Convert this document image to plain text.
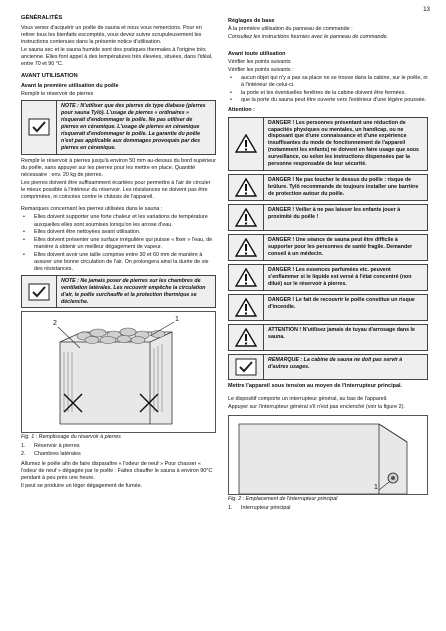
13
GÉNÉRALITÉS

Vous venez d'acquérir un poêle de sauna et nous vous remercions. Pour en retirer tous les bienfaits escomptés, vous devez suivre scrupuleusement les instructions contenues dans la présente notice d'utilisation.

Le sauna sec et le sauna humide sont des pratiques thermales à l'origine très ancienne. Elles font appel à des températures très élevées, situées, dans l'idéal, entre 70 et 90 °C.

AVANT UTILISATION
Avant la première utilisation du poêle

Remplir le réservoir de pierres

NOTE : N'utiliser que des pierres de type diabase (pierres pour sauna Tylö). L'usage de pierres « ordinaires » risquerait d'endommager le poêle. Ne pas utiliser de pierres en céramique. L'usage de pierres en céramique risquerait d'endommager le poêle. La garantie du poêle n'est pas applicable aux dommages provoqués par des pierres en céramique.

Remplir le réservoir à pierres jusqu'à environ 50 mm au-dessus du bord supérieur du poêle, sans appuyer sur les pierres pour les mettre en place. Quantité nécessaire : env. 20 kg de pierres.

Les pierres doivent être suffisamment écartées pour permettre à l'air de circuler le mieux possible à l'intérieur du réservoir. Les résistances ne doivent pas être comprimées, ni coincées contre le châssis de l'appareil.

Remarques concernant les pierres utilisées dans le sauna :

• Elles doivent supporter une forte chaleur et les variations de température auxquelles elles sont soumises lorsqu'on les arrose d'eau.
• Elles doivent être nettoyées avant utilisation.
• Elles doivent présenter une surface irrégulière qui puisse « fixer » l'eau, de manière à obtenir un meilleur dégagement de vapeur.
• Elles doivent avoir une taille comprise entre 30 et 60 mm de manière à assurer une bonne circulation de l'air. On prolongera ainsi la durée de vie des résistances.
NOTE : Ne jamais poser de pierres sur les chambres de ventilation latérales. Les recouvrir empêche la circulation d'air, le poêle surchauffe et la protection thermique se déclenche.
2
1
Fig. 1 : Remplissage du réservoir à pierres
1.	Réservoir à pierres
2.	Chambres latérales

Allumez le poêle afin de faire disparaître « l'odeur de neuf » Pour chasser « l'odeur de neuf » dégagée par le poêle : Faites chauffer le sauna à environ 90°C pendant à peu près une heure.

Il peut se produire un léger dégagement de fumée.

Réglages de base

À la première utilisation du panneau de commande :

Consultez les instructions fournies avec le panneau de commande.

Avant toute utilisation

Vérifier les points suivants

Vérifier les points suivants :

• aucun objet qui n'y a pas sa place ne se trouve dans la cabine, sur le poêle, ni à l'intérieur de celui-ci.
• la porte et les éventuelles fenêtres de la cabine doivent être fermées.
• que la porte du sauna peut être ouverte vers l'extérieur d'une légère poussée.

Attention :

DANGER ! Les personnes présentant une réduction de capacités physiques ou mentales, un handicap, ou ne disposant que d'une connaissance et d'une expérience insuffisantes du mode de fonctionnement de l'appareil (notamment les enfants) ne doivent en faire usage que sous surveillance, ou selon les instructions dispensées par la personne responsable de leur sécurité.
DANGER ! Ne pas toucher le dessus du poêle : risque de brûlure. Tylö recommande de toujours installer une barrière de protection autour du poêle.
DANGER ! Veiller à ne pas laisser les enfants jouer à proximité du poêle !
DANGER ! Une séance de sauna peut être difficile à supporter pour les personnes de santé fragile. Demander conseil à un médecin.
DANGER ! Les essences parfumées etc. peuvent s'enflammer si le liquide est versé à l'état concentré (non dilué) sur le réservoir à pierres.
DANGER ! Le fait de recouvrir le poêle constitue un risque d'incendie.
ATTENTION ! N'utilisez jamais de tuyau d'arrosage dans le sauna.
REMARQUE : La cabine de sauna ne doit pas servir à d'autres usages.
Mettre l'appareil sous tension au moyen de l'interrupteur principal.

Le dispositif comporte un interrupteur général, au bas de l'appareil.

Appuyer sur l'interrupteur général s'il n'est pas enclenché (voir la figure 2).

1
Fig. 2 : Emplacement de l'interrupteur principal
1.	Interrupteur principal
